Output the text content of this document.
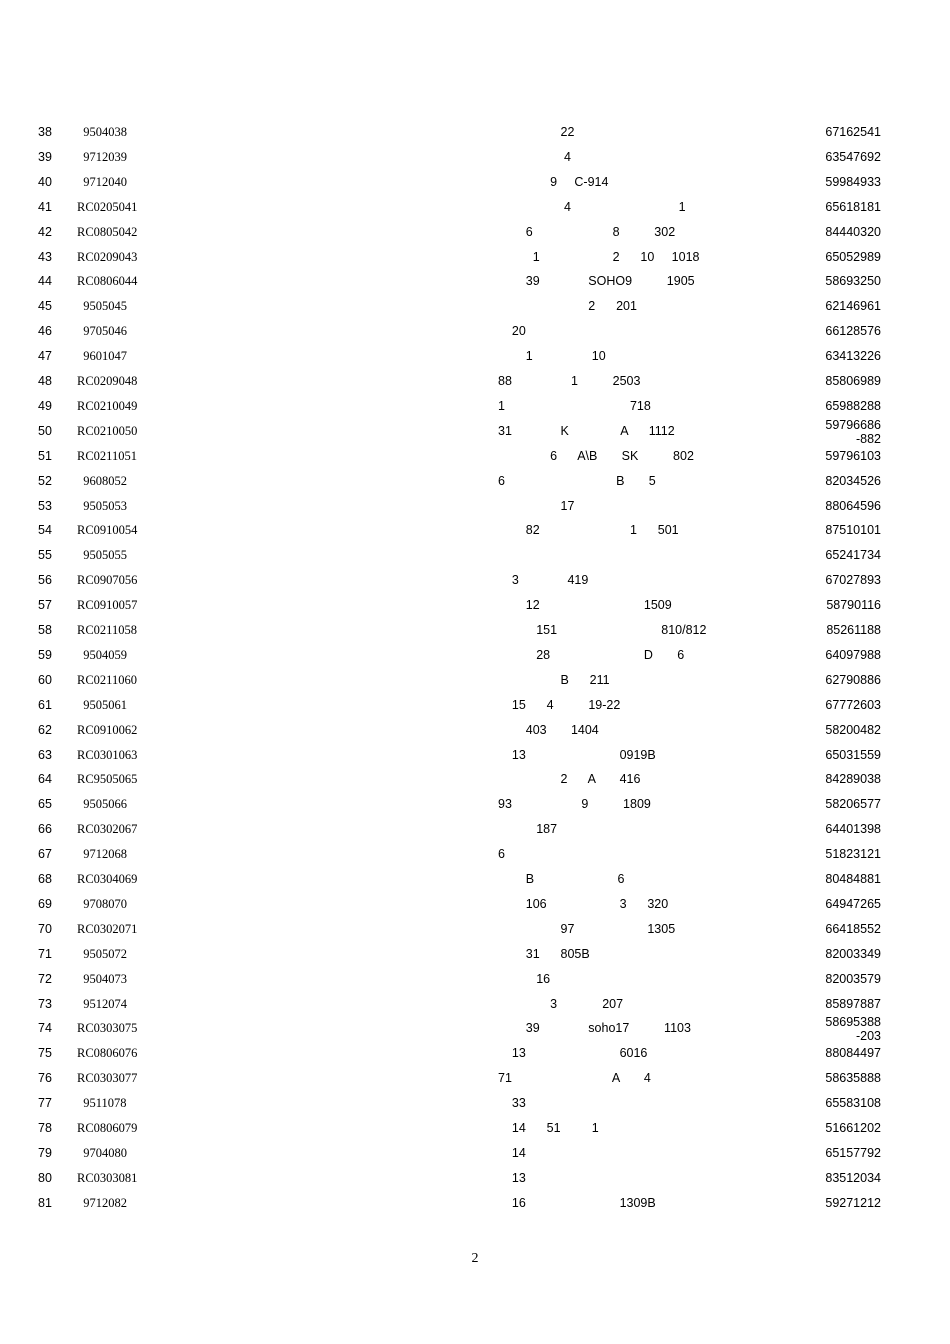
38 9504038	22	67162541
39 9712039	4	63547692
40 9712040	9     C-914	59984933
41 RC0205041	4                               1	65618181
42 RC0805042	6                       8          302	84440320
43 RC0209043	1                     2      10     1018	65052989
44 RC0806044	39              SOHO9          1905	58693250
45 9505045	2      201	62146961
46 9705046	20	66128576
47 9601047	1                 10	63413226
48 RC0209048	88                 1          2503	85806989
49 RC0210049	1                                    718	65988288
50 RC0210050	31              K               A      1112	59796686
-882
51 RC0211051	6      A\B       SK          802	59796103
52 9608052	6                                B       5	82034526
53 9505053	17	88064596
54 RC0910054	82                          1      501	87510101
55 9505055	65241734
56 RC0907056	3              419	67027893
57 RC0910057	12                              1509	58790116
58 RC0211058	151                              810/812	85261188
59 9504059	28                           D       6	64097988
60 RC0211060	B      211	62790886
61 9505061	15      4          19-22	67772603
62 RC0910062	403       1404	58200482
63 RC0301063	13                           0919B	65031559
64 RC9505065	2      A       416	84289038
65 9505066	93                    9          1809	58206577
66 RC0302067	187	64401398
67 9712068	6	51823121
68 RC0304069	B                        6	80484881
69 9708070	106                     3      320	64947265
70 RC0302071	97                     1305	66418552
71 9505072	31      805B	82003349
72 9504073	16	82003579
73 9512074	3             207	85897887
74 RC0303075	39              soho17          1103	58695388
-203
75 RC0806076	13                           6016	88084497
76 RC0303077	71                             A       4	58635888
77 9511078	33	65583108
78 RC0806079	14      51         1	51661202
79 9704080	14	65157792
80 RC0303081	13	83512034
81 9712082	16                           1309B	59271212
2
